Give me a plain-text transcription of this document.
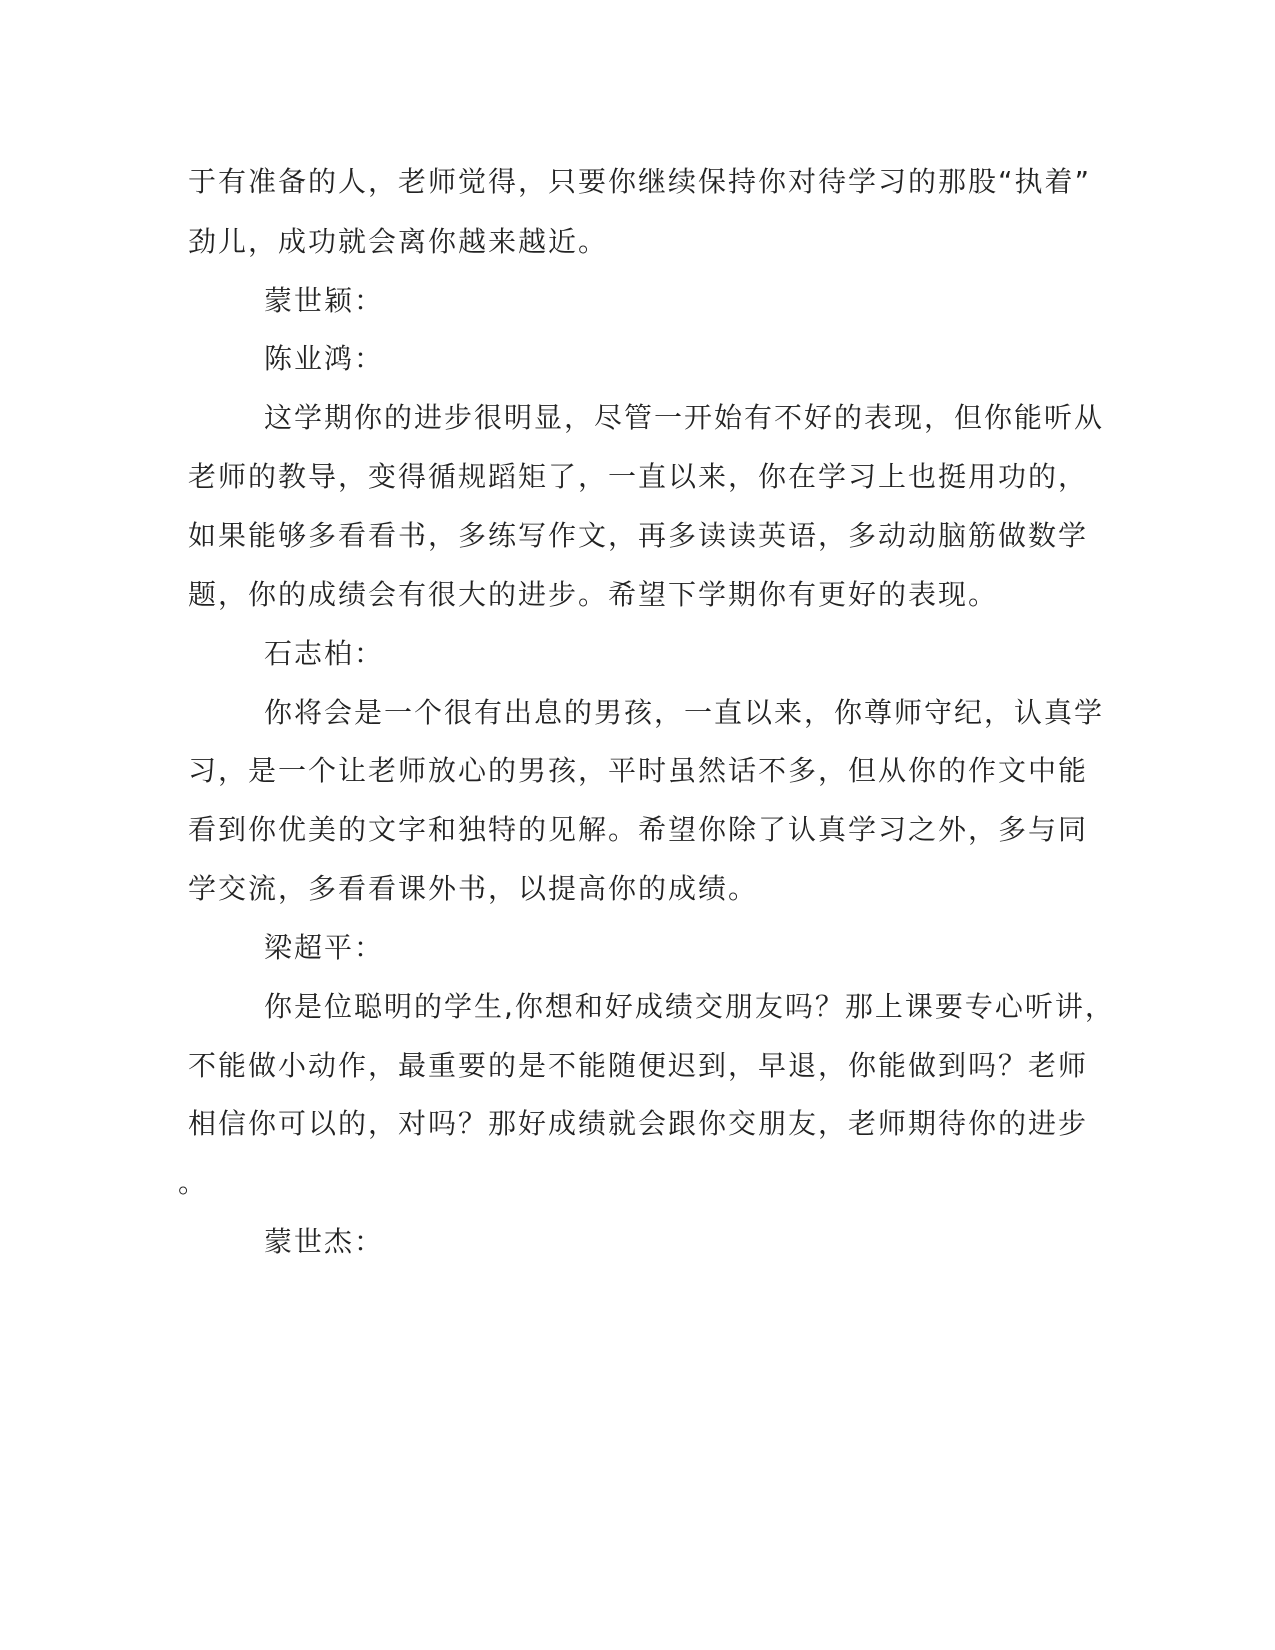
于有准备的人，老师觉得，只要你继续保持你对待学习的那股“执着”
劲儿，成功就会离你越来越近。
蒙世颖：
陈业鸿：
这学期你的进步很明显，尽管一开始有不好的表现，但你能听从
老师的教导，变得循规蹈矩了，一直以来，你在学习上也挺用功的，
如果能够多看看书，多练写作文，再多读读英语，多动动脑筋做数学
题，你的成绩会有很大的进步。希望下学期你有更好的表现。
石志柏：
你将会是一个很有出息的男孩，一直以来，你尊师守纪，认真学
习，是一个让老师放心的男孩，平时虽然话不多，但从你的作文中能
看到你优美的文字和独特的见解。希望你除了认真学习之外，多与同
学交流，多看看课外书，以提高你的成绩。
梁超平：
你是位聪明的学生,你想和好成绩交朋友吗？那上课要专心听讲，
不能做小动作，最重要的是不能随便迟到，早退，你能做到吗？老师
相信你可以的，对吗？那好成绩就会跟你交朋友，老师期待你的进步
。
蒙世杰：
